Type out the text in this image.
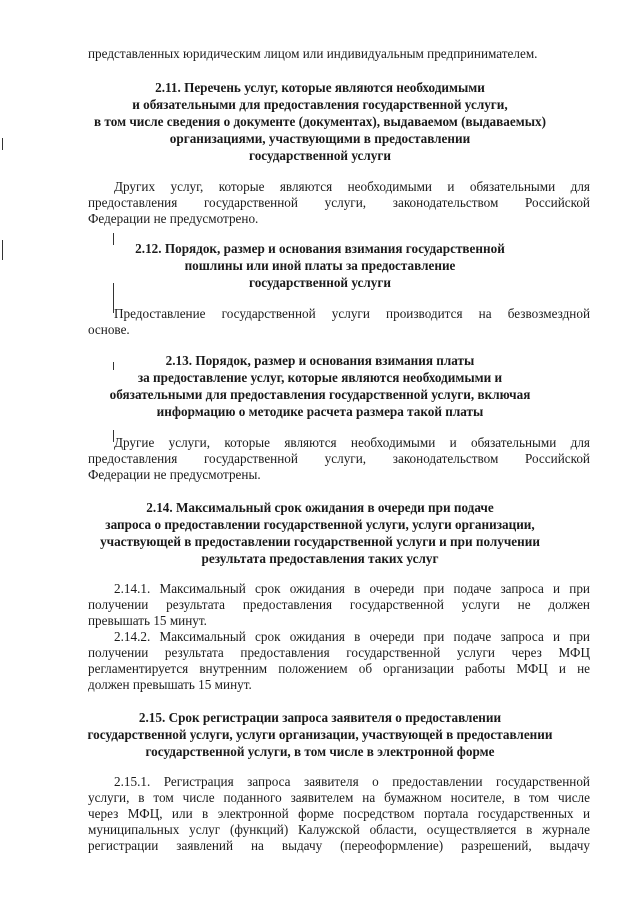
представленных юридическим лицом или индивидуальным предпринимателем.
2.11. Перечень услуг, которые являются необходимыми
и обязательными для предоставления государственной услуги,
в том числе сведения о документе (документах), выдаваемом (выдаваемых)
организациями, участвующими в предоставлении
государственной услуги
Других услуг, которые являются необходимыми и обязательными для
предоставления государственной услуги, законодательством Российской
Федерации не предусмотрено.
2.12. Порядок, размер и основания взимания государственной
пошлины или иной платы за предоставление
государственной услуги
Предоставление государственной услуги производится на безвозмездной
основе.
2.13. Порядок, размер и основания взимания платы
за предоставление услуг, которые являются необходимыми и
обязательными для предоставления государственной услуги, включая
информацию о методике расчета размера такой платы
Другие услуги, которые являются необходимыми и обязательными для
предоставления государственной услуги, законодательством Российской
Федерации не предусмотрены.
2.14. Максимальный срок ожидания в очереди при подаче
запроса о предоставлении государственной услуги, услуги организации,
участвующей в предоставлении государственной услуги и при получении
результата предоставления таких услуг
2.14.1. Максимальный срок ожидания в очереди при подаче запроса и при
получении результата предоставления государственной услуги не должен
превышать 15 минут.
2.14.2. Максимальный срок ожидания в очереди при подаче запроса и при
получении результата предоставления государственной услуги через МФЦ
регламентируется внутренним положением об организации работы МФЦ и не
должен превышать 15 минут.
2.15. Срок регистрации запроса заявителя о предоставлении
государственной услуги, услуги организации, участвующей в предоставлении
государственной услуги, в том числе в электронной форме
2.15.1. Регистрация запроса заявителя о предоставлении государственной
услуги, в том числе поданного заявителем на бумажном носителе, в том числе
через МФЦ, или в электронной форме посредством портала государственных и
муниципальных услуг (функций) Калужской области, осуществляется в журнале
регистрации заявлений на выдачу (переоформление) разрешений, выдачу
